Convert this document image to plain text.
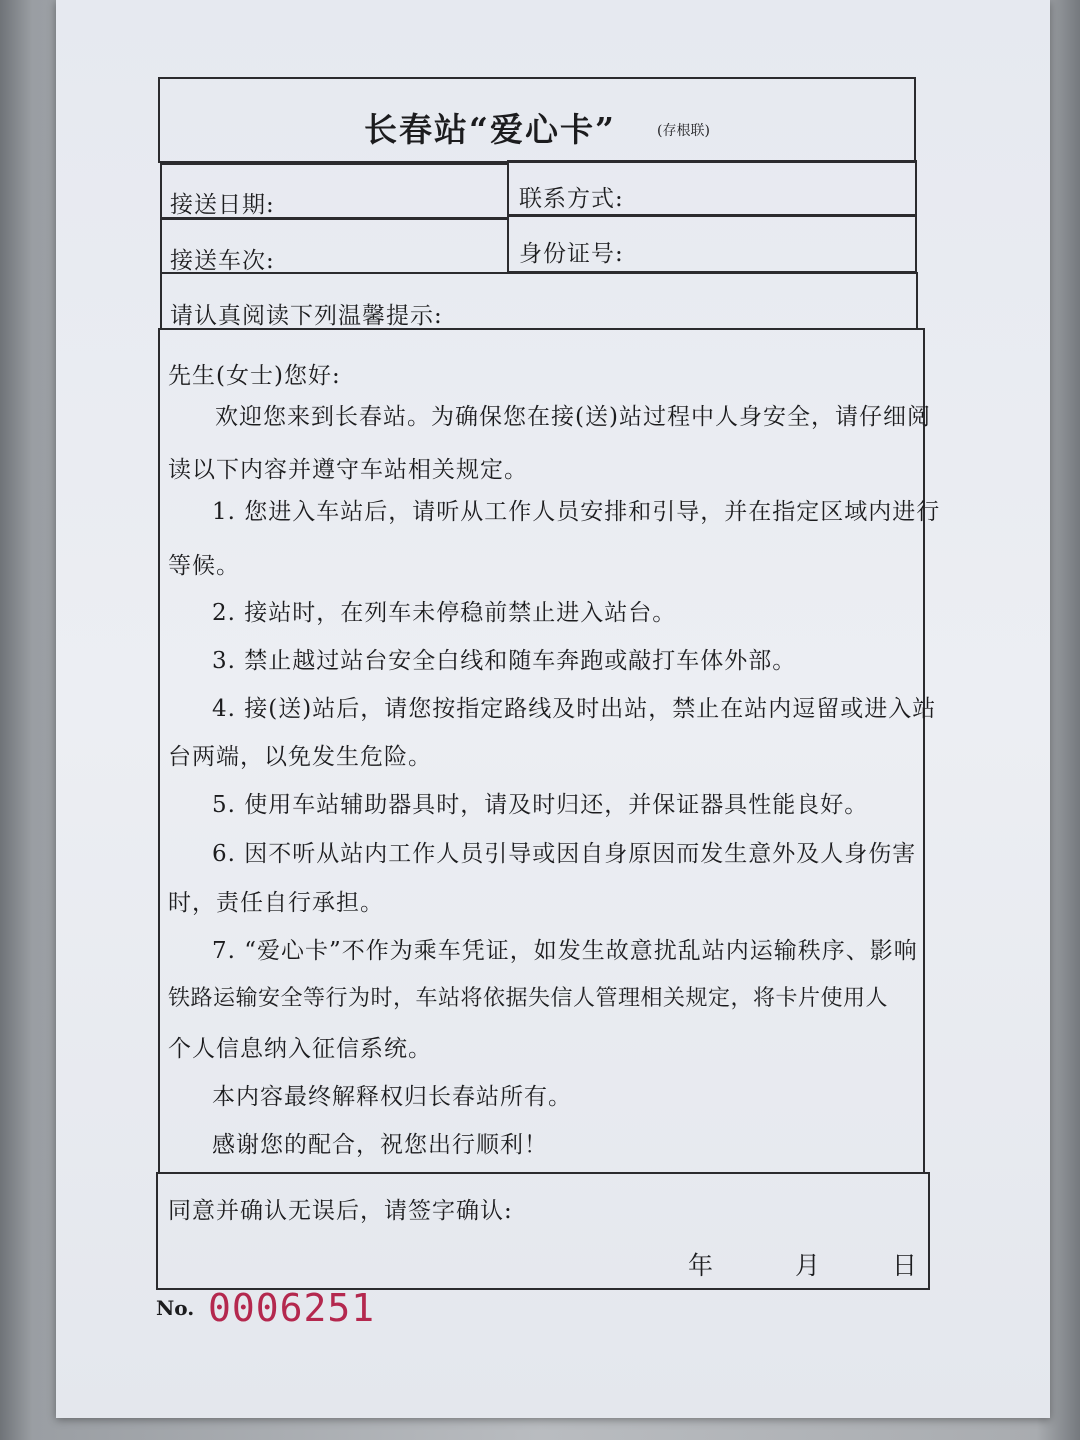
长春站“爱心卡”	(存根联)
接送日期:	联系方式:
接送车次:	身份证号:
请认真阅读下列温馨提示:
先生(女士)您好:
欢迎您来到长春站。为确保您在接(送)站过程中人身安全，请仔细阅
读以下内容并遵守车站相关规定。
1. 您进入车站后，请听从工作人员安排和引导，并在指定区域内进行
等候。
2. 接站时，在列车未停稳前禁止进入站台。
3. 禁止越过站台安全白线和随车奔跑或敲打车体外部。
4. 接(送)站后，请您按指定路线及时出站，禁止在站内逗留或进入站
台两端，以免发生危险。
5. 使用车站辅助器具时，请及时归还，并保证器具性能良好。
6. 因不听从站内工作人员引导或因自身原因而发生意外及人身伤害
时，责任自行承担。
7. “爱心卡”不作为乘车凭证，如发生故意扰乱站内运输秩序、影响
铁路运输安全等行为时，车站将依据失信人管理相关规定，将卡片使用人
个人信息纳入征信系统。
本内容最终解释权归长春站所有。
感谢您的配合，祝您出行顺利！
同意并确认无误后，请签字确认:
年	月	日
No. 0006251
